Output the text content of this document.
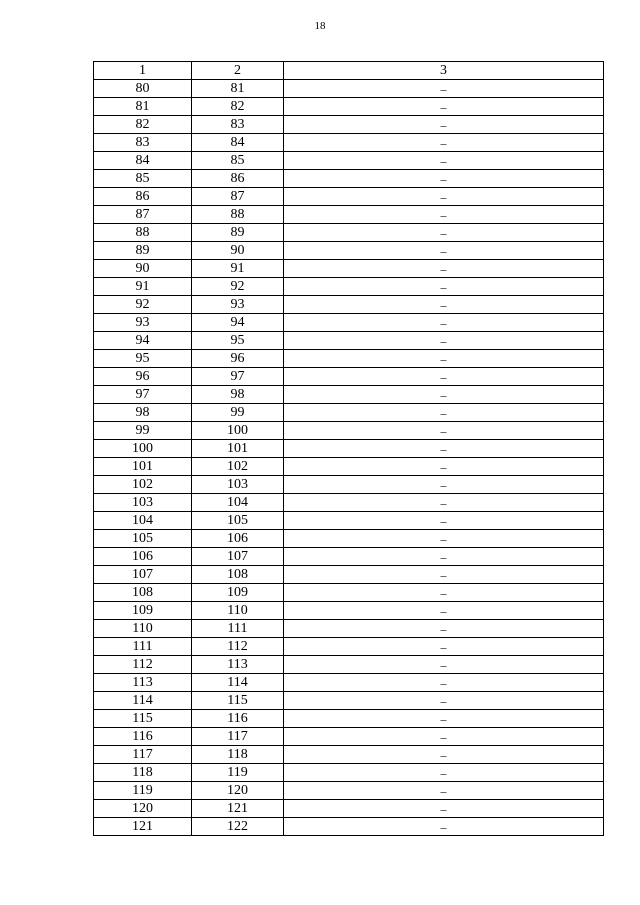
18
1	2	3
80	81	–
81	82	–
82	83	–
83	84	–
84	85	–
85	86	–
86	87	–
87	88	–
88	89	–
89	90	–
90	91	–
91	92	–
92	93	–
93	94	–
94	95	–
95	96	–
96	97	–
97	98	–
98	99	–
99	100	–
100	101	–
101	102	–
102	103	–
103	104	–
104	105	–
105	106	–
106	107	–
107	108	–
108	109	–
109	110	–
110	111	–
111	112	–
112	113	–
113	114	–
114	115	–
115	116	–
116	117	–
117	118	–
118	119	–
119	120	–
120	121	–
121	122	–
